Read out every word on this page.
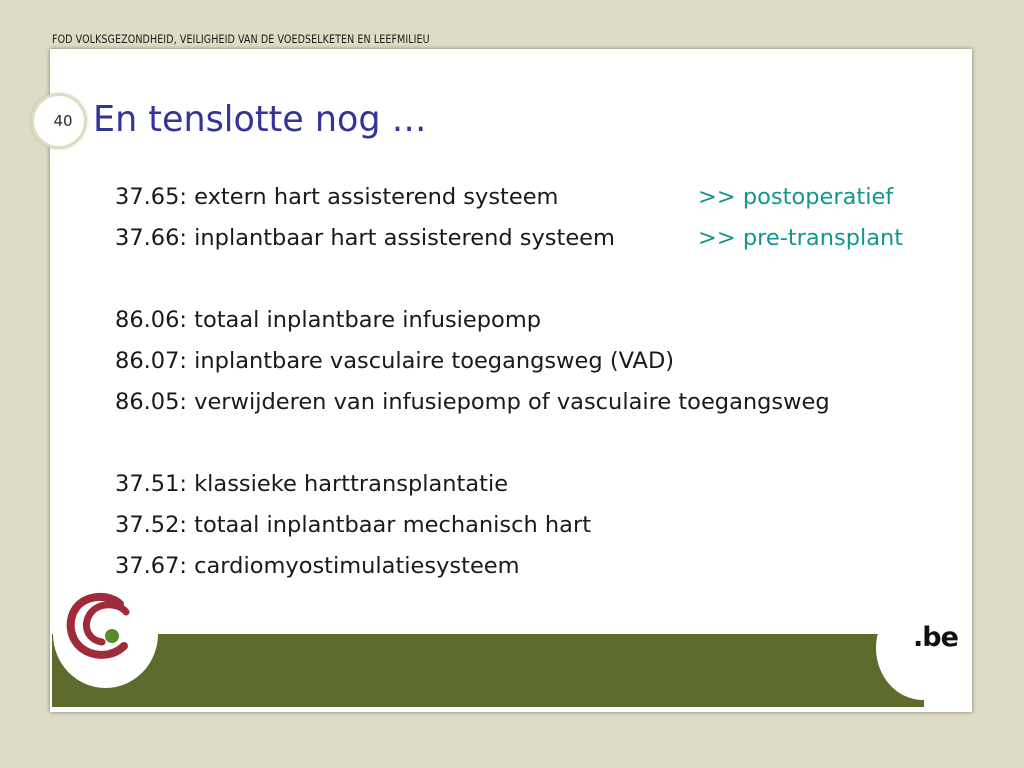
FOD VOLKSGEZONDHEID, VEILIGHEID VAN DE VOEDSELKETEN EN LEEFMILIEU
40 En tenslotte nog …
37.65: extern hart assisterend systeem	>> postoperatief
37.66: inplantbaar hart assisterend systeem	>> pre-transplant
86.06: totaal inplantbare infusiepomp
86.07: inplantbare vasculaire toegangsweg (VAD)
86.05: verwijderen van infusiepomp of vasculaire toegangsweg
37.51: klassieke harttransplantatie
37.52: totaal inplantbaar mechanisch hart
37.67: cardiomyostimulatiesysteem
.be
